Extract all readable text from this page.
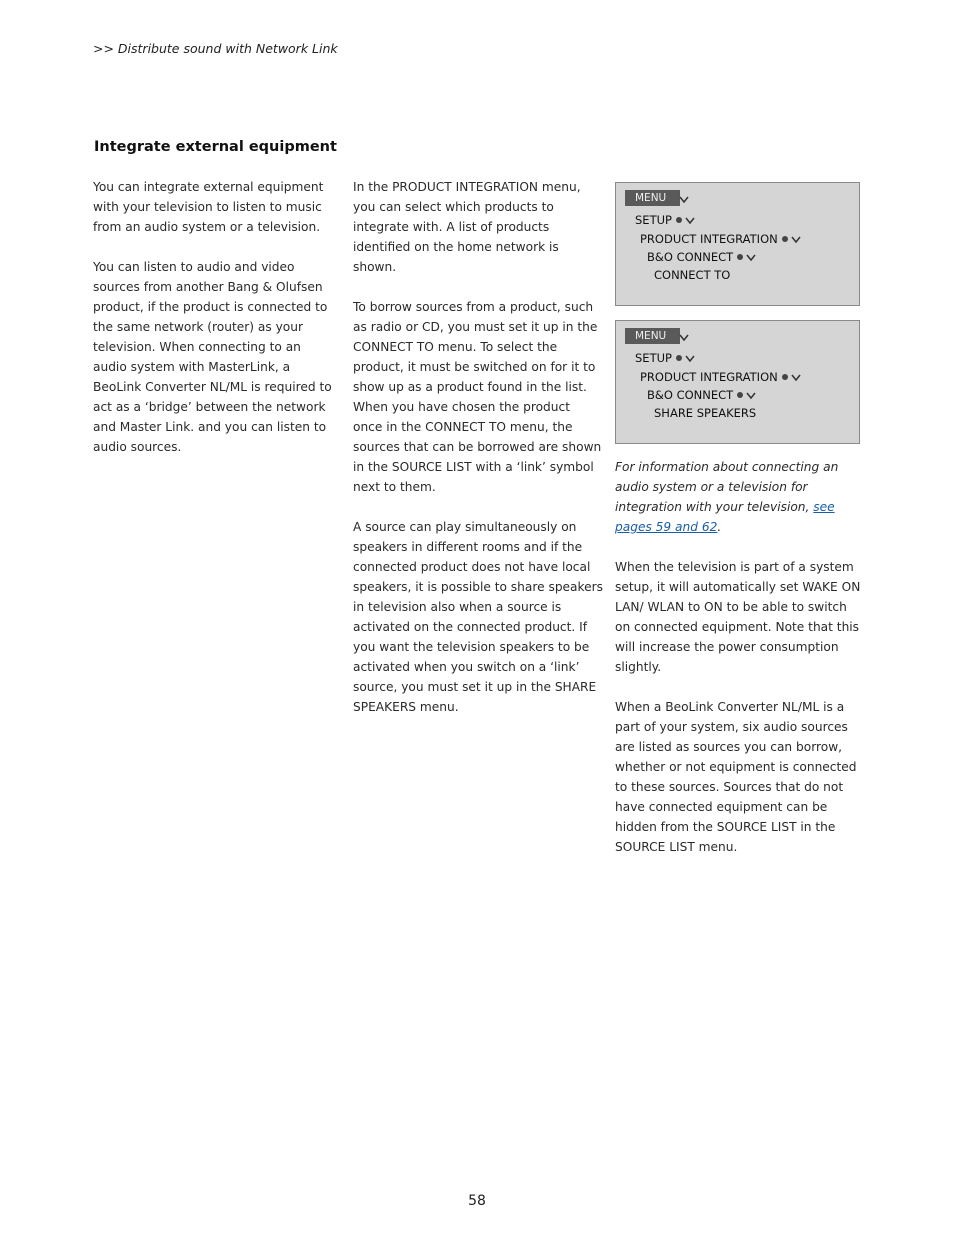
>> Distribute sound with Network Link
Integrate external equipment

You can integrate external equipment with your television to listen to music from an audio system or a television.

You can listen to audio and video sources from another Bang & Olufsen product, if the product is connected to the same network (router) as your television. When connecting to an audio system with MasterLink, a BeoLink Converter NL/ML is required to act as a ‘bridge’ between the network and Master Link. and you can listen to audio sources.

In the PRODUCT INTEGRATION menu, you can select which products to integrate with. A list of products identified on the home network is shown.

To borrow sources from a product, such as radio or CD, you must set it up in the CONNECT TO menu. To select the product, it must be switched on for it to show up as a product found in the list. When you have chosen the product once in the CONNECT TO menu, the sources that can be borrowed are shown in the SOURCE LIST with a ‘link’ symbol next to them.

A source can play simultaneously on speakers in different rooms and if the connected product does not have local speakers, it is possible to share speakers in television also when a source is activated on the connected product. If you want the television speakers to be activated when you switch on a ‘link’ source, you must set it up in the SHARE SPEAKERS menu.

MENU
SETUP
PRODUCT INTEGRATION
B&O CONNECT
CONNECT TO
MENU
SETUP
PRODUCT INTEGRATION
B&O CONNECT
SHARE SPEAKERS

For information about connecting an audio system or a television for integration with your television, see pages 59 and 62.

When the television is part of a system setup, it will automatically set WAKE ON LAN/ WLAN to ON to be able to switch on connected equipment. Note that this will increase the power consumption slightly.

When a BeoLink Converter NL/ML is a part of your system, six audio sources are listed as sources you can borrow, whether or not equipment is connected to these sources. Sources that do not have connected equipment can be hidden from the SOURCE LIST in the SOURCE LIST menu.

58
